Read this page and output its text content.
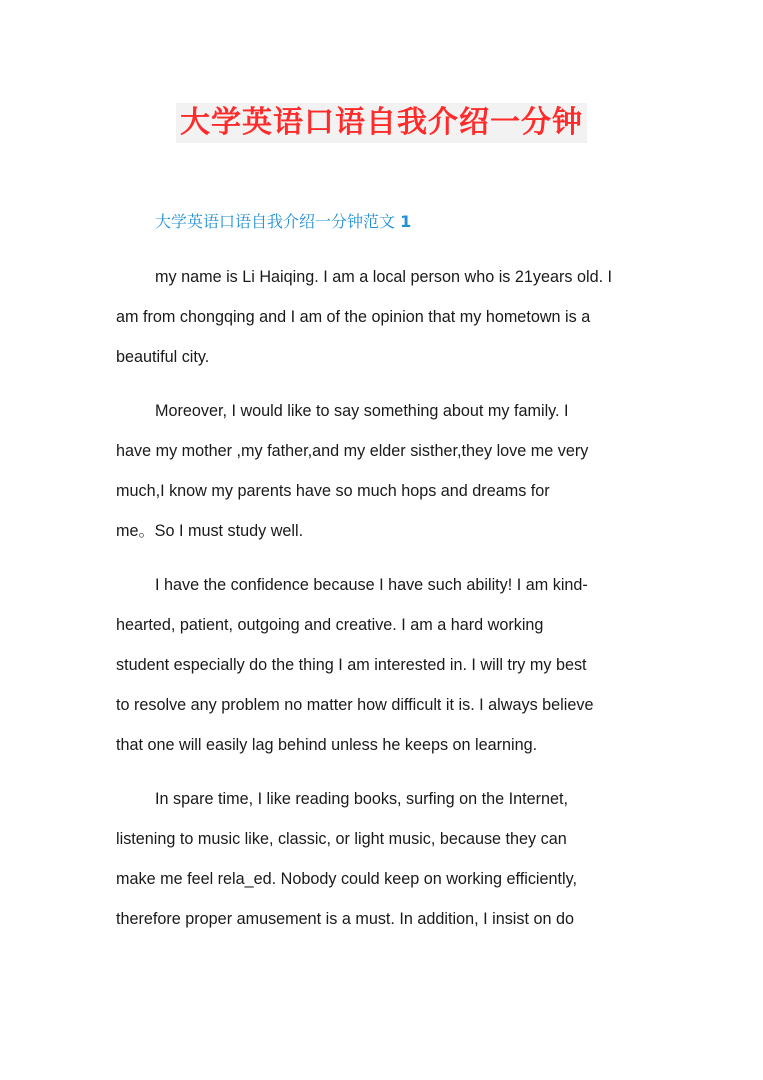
大学英语口语自我介绍一分钟
大学英语口语自我介绍一分钟范文 1
my name is Li Haiqing. I am a local person who is 21years old. I
am from chongqing and I am of the opinion that my hometown is a
beautiful city.
Moreover, I would like to say something about my family. I
have my mother ,my father,and my elder sisther,they love me very
much,I know my parents have so much hops and dreams for
me。So I must study well.
I have the confidence because I have such ability! I am kind-
hearted, patient, outgoing and creative. I am a hard working
student especially do the thing I am interested in. I will try my best
to resolve any problem no matter how difficult it is. I always believe
that one will easily lag behind unless he keeps on learning.
In spare time, I like reading books, surfing on the Internet,
listening to music like, classic, or light music, because they can
make me feel rela_ed. Nobody could keep on working efficiently,
therefore proper amusement is a must. In addition, I insist on do
